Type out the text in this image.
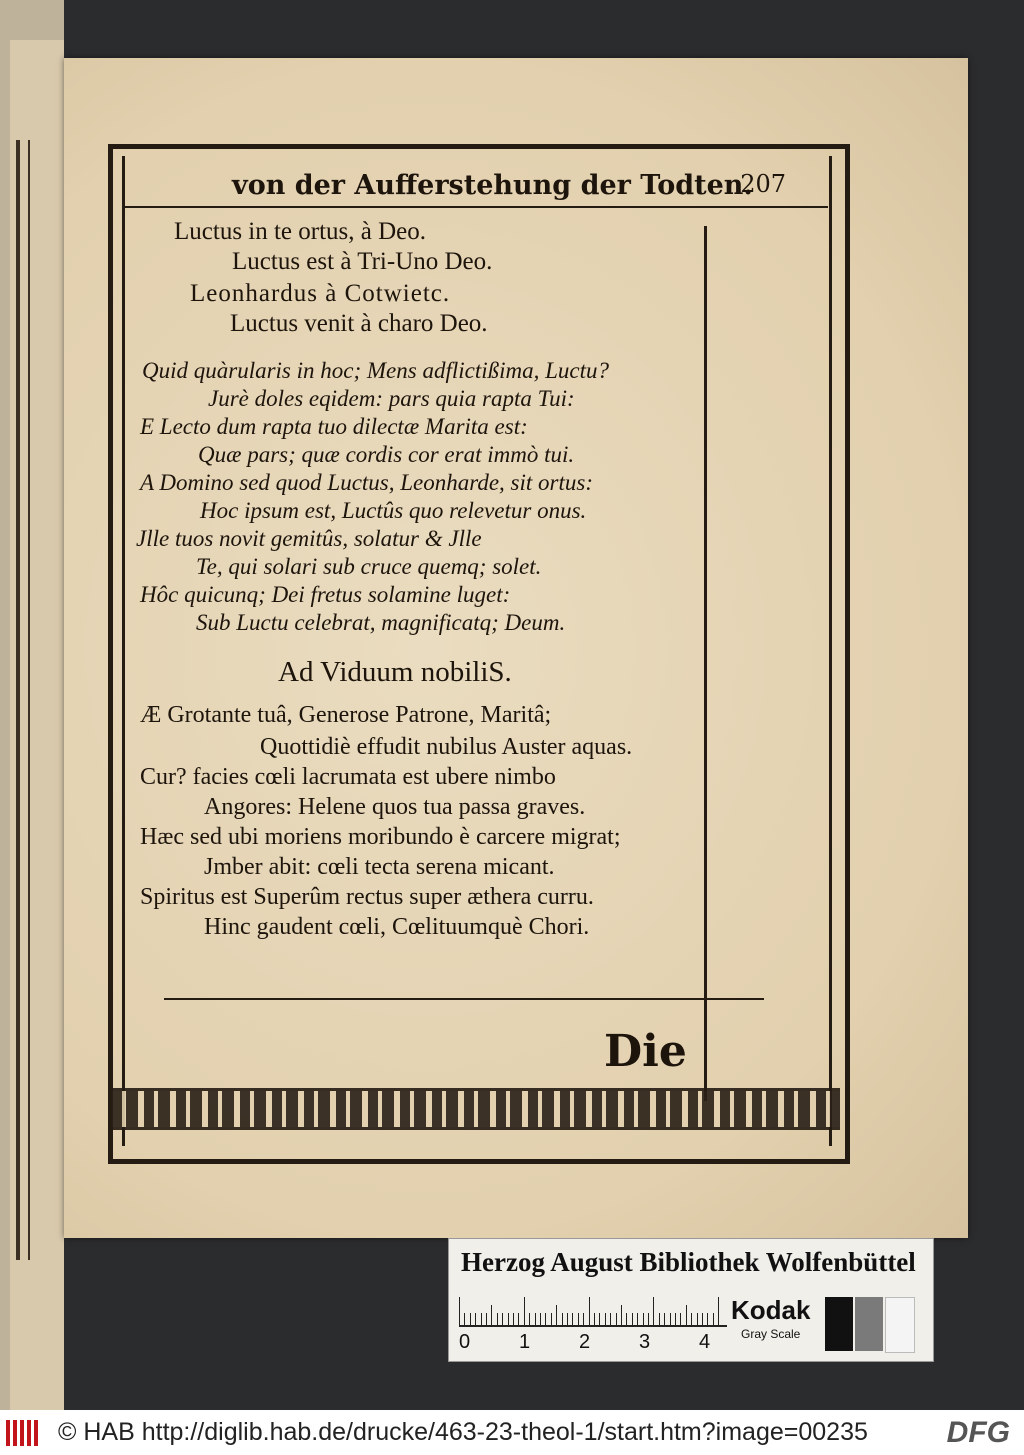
von der Aufferstehung der Todten.
207
Luctus in te ortus, à Deo.
Luctus est à Tri-Uno Deo.
Leonhardus à Cotwietc.
Luctus venit à charo Deo.
Quid quàrularis in hoc; Mens adflictißima, Luctu?
Jurè doles eqidem: pars quia rapta Tui:
E Lecto dum rapta tuo dilectæ Marita est:
Quæ pars; quæ cordis cor erat immò tui.
A Domino sed quod Luctus, Leonharde, sit ortus:
Hoc ipsum est, Luctûs quo relevetur onus.
Jlle tuos novit gemitûs, solatur & Jlle
Te, qui solari sub cruce quemq; solet.
Hôc quicunq; Dei fretus solamine luget:
Sub Luctu celebrat, magnificatq; Deum.
Ad Viduum nobiliS.
Æ Grotante tuâ, Generose Patrone, Maritâ;
Quottidiè effudit nubilus Auster aquas.
Cur? facies cœli lacrumata est ubere nimbo
Angores: Helene quos tua passa graves.
Hæc sed ubi moriens moribundo è carcere migrat;
Jmber abit: cœli tecta serena micant.
Spiritus est Superûm rectus super æthera curru.
Hinc gaudent cœli, Cœlituumquè Chori.
Die
Herzog August Bibliothek Wolfenbüttel
0 1 2 3 4
Kodak
Gray Scale
© HAB http://diglib.hab.de/drucke/463-23-theol-1/start.htm?image=00235	DFG
